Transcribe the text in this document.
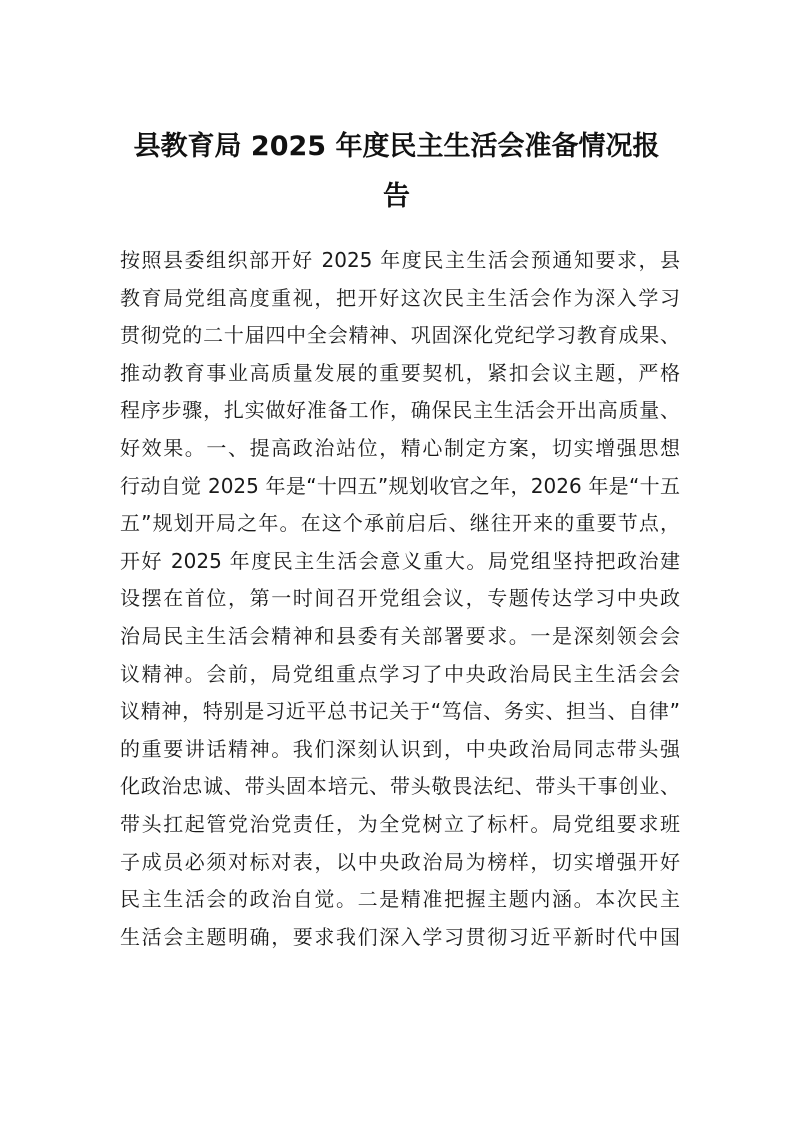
县教育局 2025 年度民主生活会准备情况报
告
按照县委组织部开好 2025 年度民主生活会预通知要求，县
教育局党组高度重视，把开好这次民主生活会作为深入学习
贯彻党的二十届四中全会精神、巩固深化党纪学习教育成果、
推动教育事业高质量发展的重要契机，紧扣会议主题，严格
程序步骤，扎实做好准备工作，确保民主生活会开出高质量、
好效果。一、提高政治站位，精心制定方案，切实增强思想
行动自觉 2025 年是“十四五”规划收官之年，2026 年是“十五
五”规划开局之年。在这个承前启后、继往开来的重要节点，
开好 2025 年度民主生活会意义重大。局党组坚持把政治建
设摆在首位，第一时间召开党组会议，专题传达学习中央政
治局民主生活会精神和县委有关部署要求。一是深刻领会会
议精神。会前，局党组重点学习了中央政治局民主生活会会
议精神，特别是习近平总书记关于“笃信、务实、担当、自律”
的重要讲话精神。我们深刻认识到，中央政治局同志带头强
化政治忠诚、带头固本培元、带头敬畏法纪、带头干事创业、
带头扛起管党治党责任，为全党树立了标杆。局党组要求班
子成员必须对标对表，以中央政治局为榜样，切实增强开好
民主生活会的政治自觉。二是精准把握主题内涵。本次民主
生活会主题明确，要求我们深入学习贯彻习近平新时代中国
